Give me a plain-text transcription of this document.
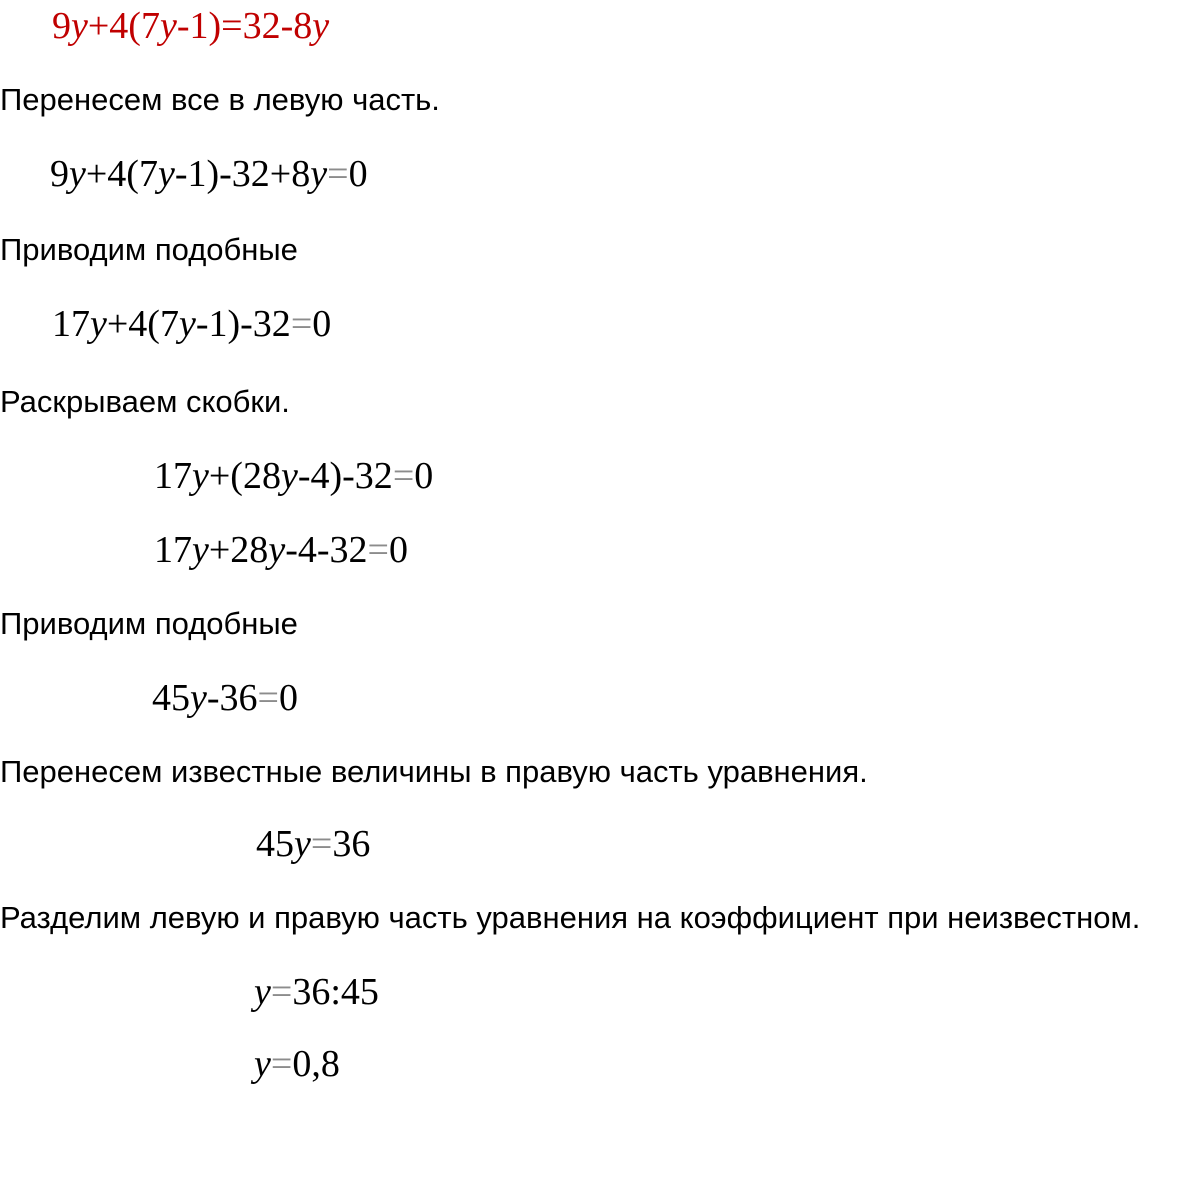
9y+4(7y-1)=32-8y
Перенесем все в левую часть.
9y+4(7y-1)-32+8y=0
Приводим подобные
17y+4(7y-1)-32=0
Раскрываем скобки.
17y+(28y-4)-32=0
17y+28y-4-32=0
Приводим подобные
45y-36=0
Перенесем известные величины в правую часть уравнения.
45y=36
Разделим левую и правую часть уравнения на коэффициент при неизвестном.
y=36:45
y=0,8
